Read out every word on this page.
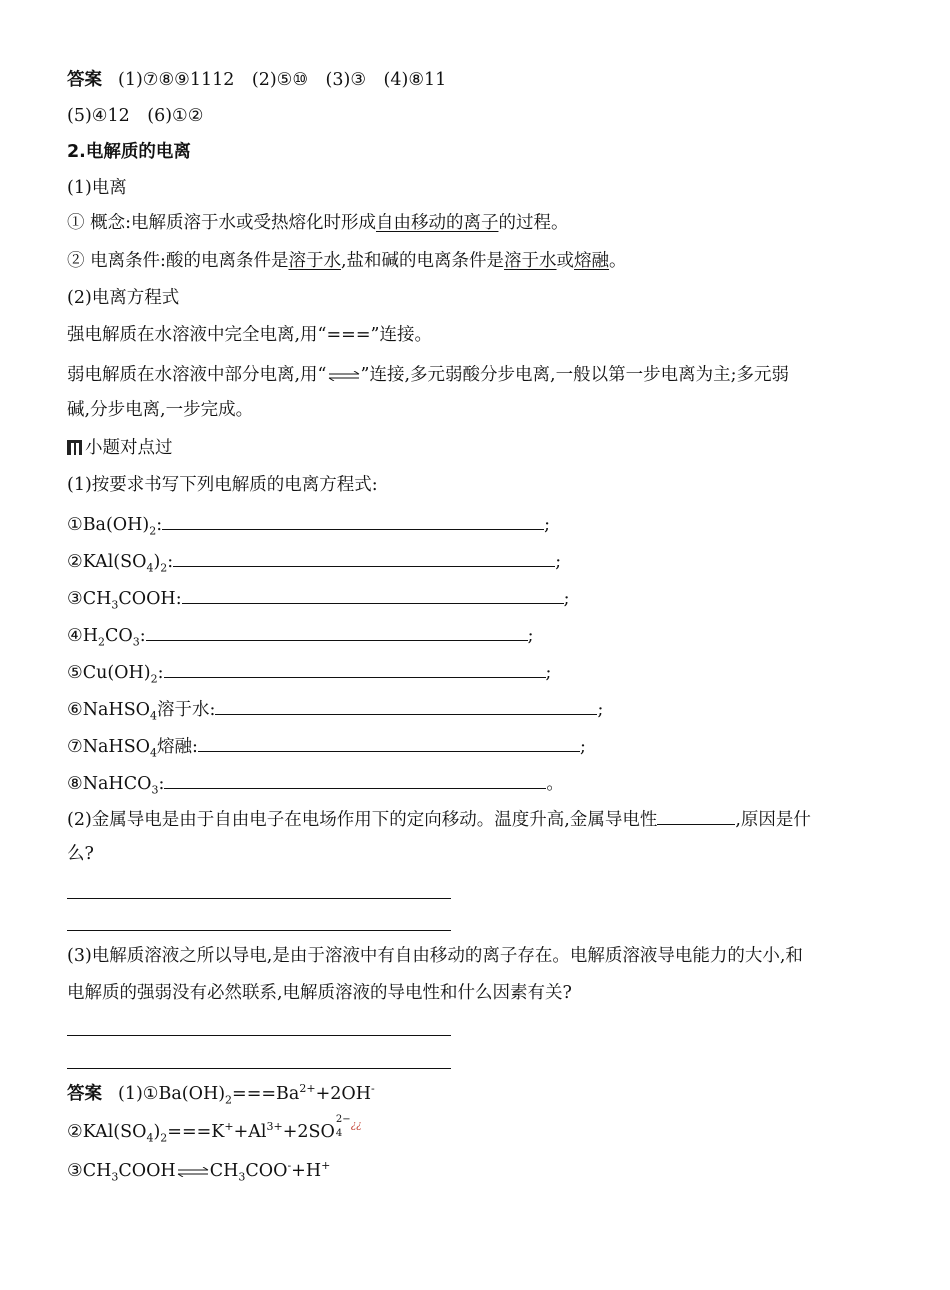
答案 (1)⑦⑧⑨1112　(2)⑤⑩　(3)③　(4)⑧11
(5)④12　(6)①②
2.电解质的电离
(1)电离
① 概念:电解质溶于水或受热熔化时形成自由移动的离子的过程。
② 电离条件:酸的电离条件是溶于水,盐和碱的电离条件是溶于水或熔融。
(2)电离方程式
强电解质在水溶液中完全电离,用“===”连接。
弱电解质在水溶液中部分电离,用“⇌”连接,多元弱酸分步电离,一般以第一步电离为主;多元弱
碱,分步电离,一步完成。
小题对点过
(1)按要求书写下列电解质的电离方程式:
$①Ba(OH)_2$:	;
$②KAl(SO_4)_2$:	;
$③CH_3COOH$:	;
$④H_2CO_3$:	;
$⑤Cu(OH)_2$:	;
⑥NaHSO$_4$溶于水:	;
⑦NaHSO$_4$熔融:	;
⑧NaHCO$_3$:	。
(2)金属导电是由于自由电子在电场作用下的定向移动。温度升高,金属导电性	,原因是什
么?
(3)电解质溶液之所以导电,是由于溶液中有自由移动的离子存在。电解质溶液导电能力的大小,和
电解质的强弱没有必然联系,电解质溶液的导电性和什么因素有关?
答案 $(1)①Ba(OH)_2===Ba^{2+}+2OH^-$
$②KAl(SO_4)_2===K^++Al^{3+}+2SO$
2−
4
¿¿
$③CH_3COOH\rightleftharpoons CH_3COO^-+H^+$
